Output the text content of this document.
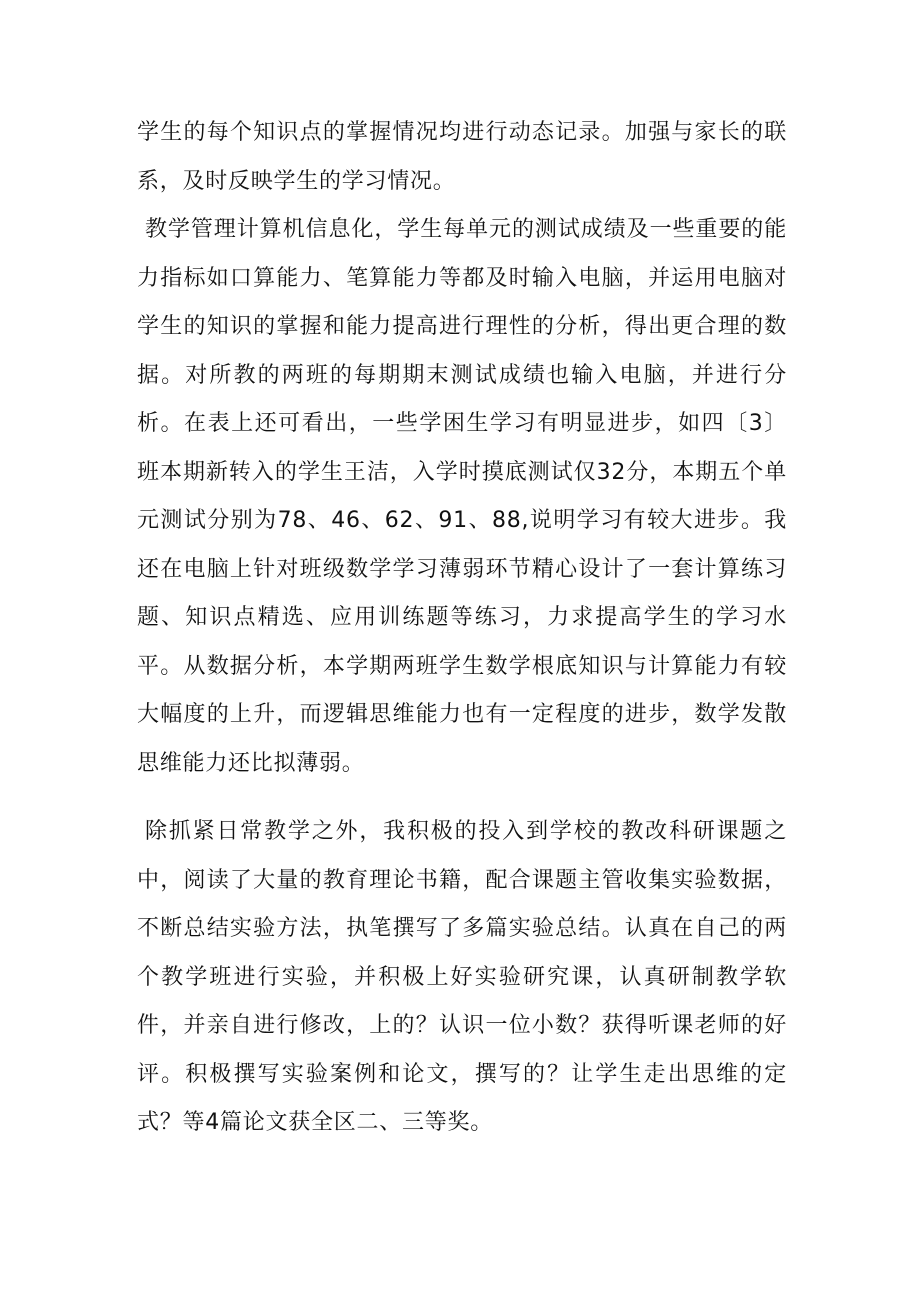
学生的每个知识点的掌握情况均进行动态记录。加强与家长的联系，及时反映学生的学习情况。

教学管理计算机信息化，学生每单元的测试成绩及一些重要的能力指标如口算能力、笔算能力等都及时输入电脑，并运用电脑对学生的知识的掌握和能力提高进行理性的分析，得出更合理的数据。对所教的两班的每期期末测试成绩也输入电脑，并进行分析。在表上还可看出，一些学困生学习有明显进步，如四〔3〕班本期新转入的学生王洁，入学时摸底测试仅32分，本期五个单元测试分别为78、46、62、91、88,说明学习有较大进步。我还在电脑上针对班级数学学习薄弱环节精心设计了一套计算练习题、知识点精选、应用训练题等练习，力求提高学生的学习水平。从数据分析，本学期两班学生数学根底知识与计算能力有较大幅度的上升，而逻辑思维能力也有一定程度的进步，数学发散思维能力还比拟薄弱。

除抓紧日常教学之外，我积极的投入到学校的教改科研课题之中，阅读了大量的教育理论书籍，配合课题主管收集实验数据，不断总结实验方法，执笔撰写了多篇实验总结。认真在自己的两个教学班进行实验，并积极上好实验研究课，认真研制教学软件，并亲自进行修改，上的？认识一位小数？获得听课老师的好评。积极撰写实验案例和论文，撰写的？让学生走出思维的定式？等4篇论文获全区二、三等奖。
